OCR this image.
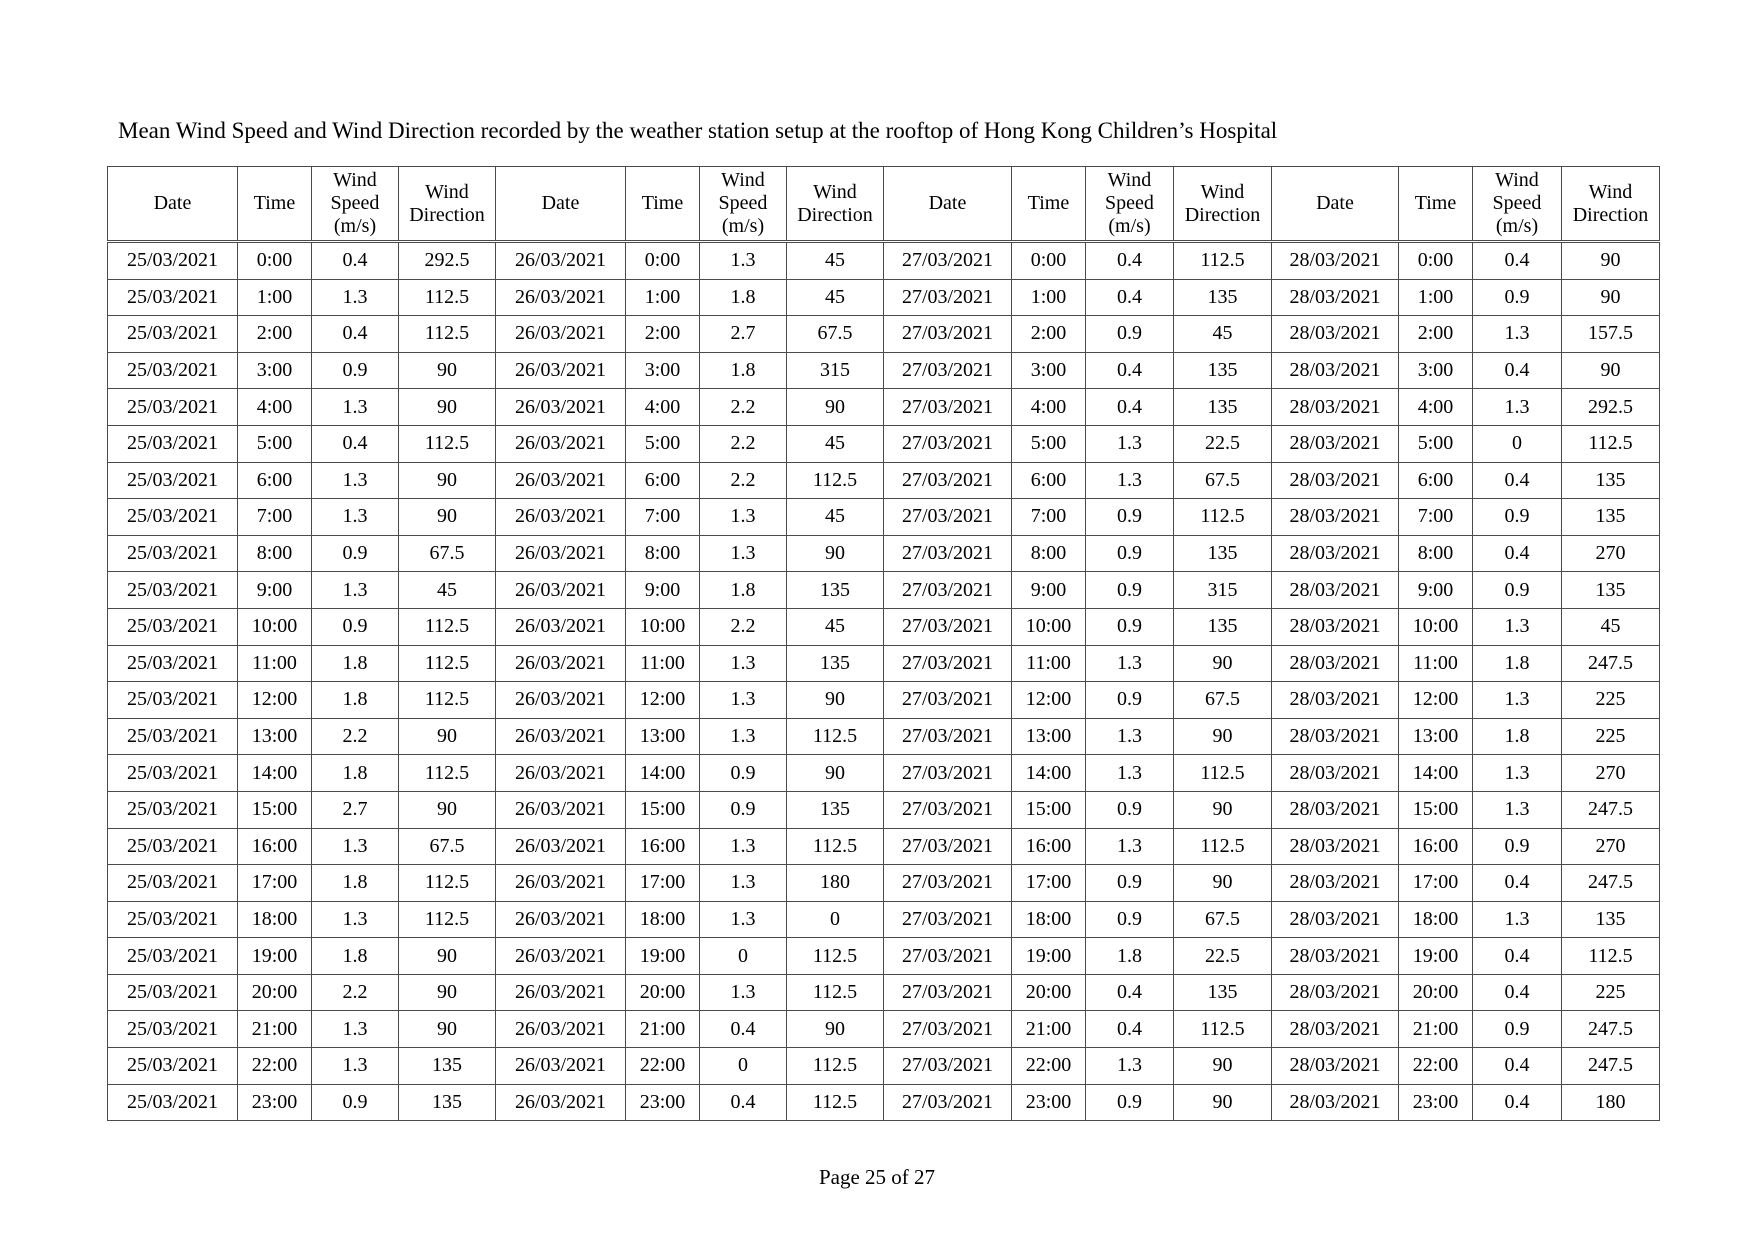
Mean Wind Speed and Wind Direction recorded by the weather station setup at the rooftop of Hong Kong Children’s Hospital
Date	Time	Wind
Speed
(m/s)	Wind
Direction	Date	Time	Wind
Speed
(m/s)	Wind
Direction	Date	Time	Wind
Speed
(m/s)	Wind
Direction	Date	Time	Wind
Speed
(m/s)	Wind
Direction
25/03/2021	0:00	0.4	292.5	26/03/2021	0:00	1.3	45	27/03/2021	0:00	0.4	112.5	28/03/2021	0:00	0.4	90
25/03/2021	1:00	1.3	112.5	26/03/2021	1:00	1.8	45	27/03/2021	1:00	0.4	135	28/03/2021	1:00	0.9	90
25/03/2021	2:00	0.4	112.5	26/03/2021	2:00	2.7	67.5	27/03/2021	2:00	0.9	45	28/03/2021	2:00	1.3	157.5
25/03/2021	3:00	0.9	90	26/03/2021	3:00	1.8	315	27/03/2021	3:00	0.4	135	28/03/2021	3:00	0.4	90
25/03/2021	4:00	1.3	90	26/03/2021	4:00	2.2	90	27/03/2021	4:00	0.4	135	28/03/2021	4:00	1.3	292.5
25/03/2021	5:00	0.4	112.5	26/03/2021	5:00	2.2	45	27/03/2021	5:00	1.3	22.5	28/03/2021	5:00	0	112.5
25/03/2021	6:00	1.3	90	26/03/2021	6:00	2.2	112.5	27/03/2021	6:00	1.3	67.5	28/03/2021	6:00	0.4	135
25/03/2021	7:00	1.3	90	26/03/2021	7:00	1.3	45	27/03/2021	7:00	0.9	112.5	28/03/2021	7:00	0.9	135
25/03/2021	8:00	0.9	67.5	26/03/2021	8:00	1.3	90	27/03/2021	8:00	0.9	135	28/03/2021	8:00	0.4	270
25/03/2021	9:00	1.3	45	26/03/2021	9:00	1.8	135	27/03/2021	9:00	0.9	315	28/03/2021	9:00	0.9	135
25/03/2021	10:00	0.9	112.5	26/03/2021	10:00	2.2	45	27/03/2021	10:00	0.9	135	28/03/2021	10:00	1.3	45
25/03/2021	11:00	1.8	112.5	26/03/2021	11:00	1.3	135	27/03/2021	11:00	1.3	90	28/03/2021	11:00	1.8	247.5
25/03/2021	12:00	1.8	112.5	26/03/2021	12:00	1.3	90	27/03/2021	12:00	0.9	67.5	28/03/2021	12:00	1.3	225
25/03/2021	13:00	2.2	90	26/03/2021	13:00	1.3	112.5	27/03/2021	13:00	1.3	90	28/03/2021	13:00	1.8	225
25/03/2021	14:00	1.8	112.5	26/03/2021	14:00	0.9	90	27/03/2021	14:00	1.3	112.5	28/03/2021	14:00	1.3	270
25/03/2021	15:00	2.7	90	26/03/2021	15:00	0.9	135	27/03/2021	15:00	0.9	90	28/03/2021	15:00	1.3	247.5
25/03/2021	16:00	1.3	67.5	26/03/2021	16:00	1.3	112.5	27/03/2021	16:00	1.3	112.5	28/03/2021	16:00	0.9	270
25/03/2021	17:00	1.8	112.5	26/03/2021	17:00	1.3	180	27/03/2021	17:00	0.9	90	28/03/2021	17:00	0.4	247.5
25/03/2021	18:00	1.3	112.5	26/03/2021	18:00	1.3	0	27/03/2021	18:00	0.9	67.5	28/03/2021	18:00	1.3	135
25/03/2021	19:00	1.8	90	26/03/2021	19:00	0	112.5	27/03/2021	19:00	1.8	22.5	28/03/2021	19:00	0.4	112.5
25/03/2021	20:00	2.2	90	26/03/2021	20:00	1.3	112.5	27/03/2021	20:00	0.4	135	28/03/2021	20:00	0.4	225
25/03/2021	21:00	1.3	90	26/03/2021	21:00	0.4	90	27/03/2021	21:00	0.4	112.5	28/03/2021	21:00	0.9	247.5
25/03/2021	22:00	1.3	135	26/03/2021	22:00	0	112.5	27/03/2021	22:00	1.3	90	28/03/2021	22:00	0.4	247.5
25/03/2021	23:00	0.9	135	26/03/2021	23:00	0.4	112.5	27/03/2021	23:00	0.9	90	28/03/2021	23:00	0.4	180
Page 25 of 27
